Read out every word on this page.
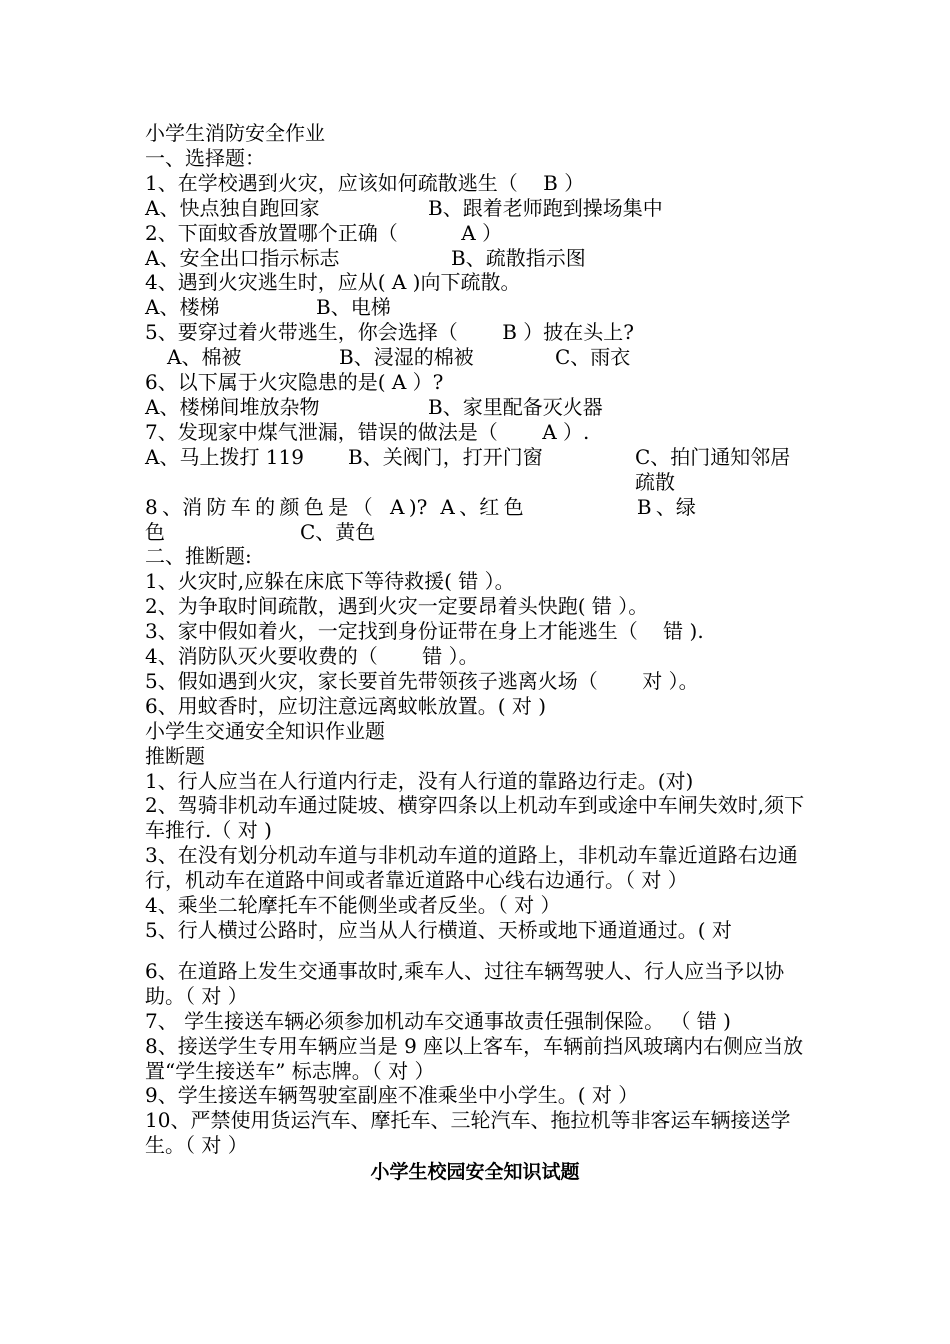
小学生消防安全作业
一、选择题：
1、在学校遇到火灾，应该如何疏散逃生（    B ）
A、快点独自跑回家	B、跟着老师跑到操场集中
2、下面蚊香放置哪个正确（          A ）
A、安全出口指示标志	B、疏散指示图
4、遇到火灾逃生时，应从( A )向下疏散。
A、楼梯	B、电梯
5、要穿过着火带逃生，你会选择（       B ）披在头上?
A、棉被	B、浸湿的棉被	C、雨衣
6、以下属于火灾隐患的是( A ）?
A、楼梯间堆放杂物	B、家里配备灭火器
7、发现家中煤气泄漏，错误的做法是（       A ）.
A、马上拨打 119	B、关阀门，打开门窗	C、拍门通知邻居疏散
8 、消 防 车 的 颜 色 是 （    A )?   A 、红 色                          B 、绿
色	C、黄色
二、推断题:
1、火灾时,应躲在床底下等待救援( 错 ）。
2、为争取时间疏散，遇到火灾一定要昂着头快跑( 错 ）。
3、家中假如着火，一定找到身份证带在身上才能逃生（    错 ).
4、消防队灭火要收费的（       错 ）。
5、假如遇到火灾，家长要首先带领孩子逃离火场（       对 ）。
6、用蚊香时，应切注意远离蚊帐放置。( 对 )
小学生交通安全知识作业题
推断题
1、行人应当在人行道内行走，没有人行道的靠路边行走。(对)
2、驾骑非机动车通过陡坡、横穿四条以上机动车到或途中车闸失效时,须下车推行.（ 对 )
3、在没有划分机动车道与非机动车道的道路上，非机动车靠近道路右边通行，机动车在道路中间或者靠近道路中心线右边通行。（ 对 ）
4、乘坐二轮摩托车不能侧坐或者反坐。（ 对 ）
5、行人横过公路时，应当从人行横道、天桥或地下通道通过。( 对
6、在道路上发生交通事故时,乘车人、过往车辆驾驶人、行人应当予以协助。（ 对 ）
7、 学生接送车辆必须参加机动车交通事故责任强制保险。 （ 错 )
8、接送学生专用车辆应当是 9 座以上客车，车辆前挡风玻璃内右侧应当放置“学生接送车” 标志牌。（ 对 ）
9、学生接送车辆驾驶室副座不准乘坐中小学生。( 对 ）
10、严禁使用货运汽车、摩托车、三轮汽车、拖拉机等非客运车辆接送学生。（ 对 ）
小学生校园安全知识试题
